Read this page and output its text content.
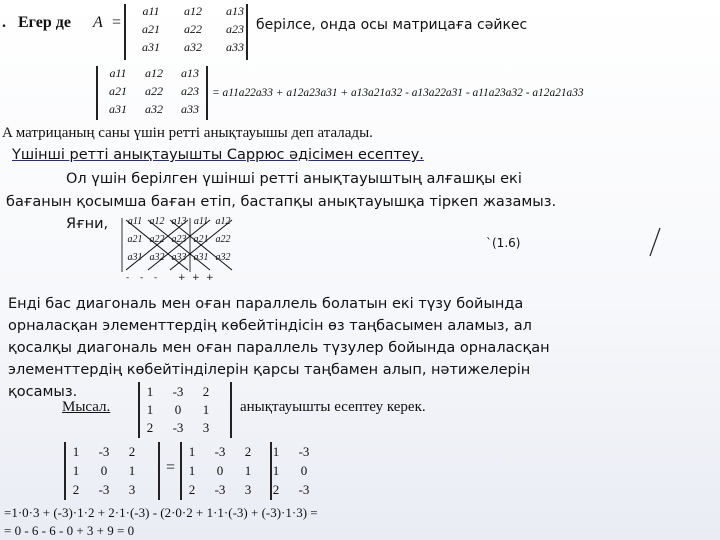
. Егер де A =
a11	a12	a13
a21	a22	a23
a31	a32	a33
берілсе, онда осы матрицаға сәйкес
a11	a12	a13
a21	a22	a23
a31	a32	a33
= a11a22a33 + a12a23a31 + a13a21a32 - a13a22a31 - a11a23a32 - a12a21a33
A матрицаның саны үшін ретті анықтауышы деп аталады.
Үшінші ретті анықтауышты Саррюс әдісімен есептеу.
Ол үшін берілген үшінші ретті анықтауыштың алғашқы екі
бағанын қосымша баған етіп, бастапқы анықтауышқа тіркеп жазамыз.
Яғни,	a11 a12 a13 a11 a12
a21 a22 a23 a21 a22
a31 a32 a33 a31 a32
- - - + + +
`(1.6)
Енді бас диагональ мен оған параллель болатын екі түзу бойында
орналасқан элементтердің көбейтіндісін өз таңбасымен аламыз, ал
қосалқы диагональ мен оған параллель түзулер бойында орналасқан
элементтердің көбейтінділерін қарсы таңбамен алып, нәтижелерін
қосамыз.
Мысал.
1	-3	2
1	0	1
2	-3	3
анықтауышты есептеу керек.
1	-3	2
1	0	1
2	-3	3
=
1	-3	2	1	-3
1	0	1	1	0
2	-3	3	2	-3
=1·0·3 + (-3)·1·2 + 2·1·(-3) - (2·0·2 + 1·1·(-3) + (-3)·1·3) =
= 0 - 6 - 6 - 0 + 3 + 9 = 0
